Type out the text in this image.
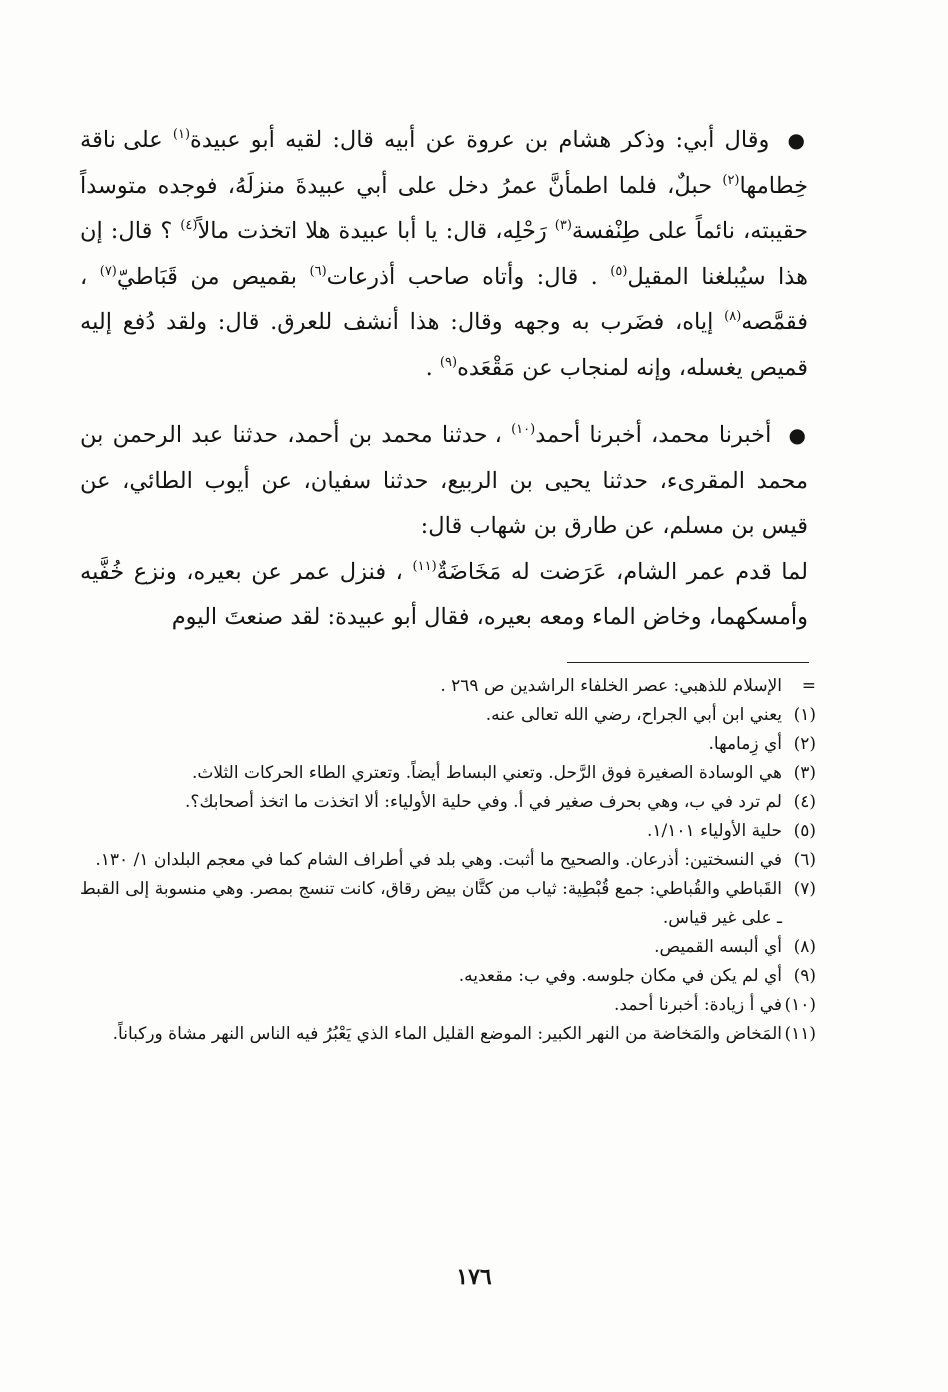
● وقال أبي: وذكر هشام بن عروة عن أبيه قال: لقيه أبو عبيدة$^{(١)}$ على ناقة خِطامها$^{(٢)}$ حبلٌ، فلما اطمأنَّ عمرُ دخل على أبي عبيدةَ منزلَهُ، فوجده متوسداً حقيبته، نائماً على طِنْفسة$^{(٣)}$ رَحْلِه، قال: يا أبا عبيدة هلا اتخذت مالاً$^{(٤)}$ ؟ قال: إن هذا سيُبلغنا المقيل$^{(٥)}$ . قال: وأتاه صاحب أذرعات$^{(٦)}$ بقميص من قَبَاطيّ$^{(٧)}$ ، فقمَّصه$^{(٨)}$ إياه، فضَرب به وجهه وقال: هذا أنشف للعرق. قال: ولقد دُفع إليه قميص يغسله، وإنه لمنجاب عن مَقْعَده$^{(٩)}$ .

● أخبرنا محمد، أخبرنا أحمد$^{(١٠)}$ ، حدثنا محمد بن أحمد، حدثنا عبد الرحمن بن محمد المقرىء، حدثنا يحيى بن الربيع، حدثنا سفيان، عن أيوب الطائي، عن قيس بن مسلم، عن طارق بن شهاب قال:

لما قدم عمر الشام، عَرَضت له مَخَاضَةٌ$^{(١١)}$ ، فنزل عمر عن بعيره، ونزع خُفَّيه وأمسكهما، وخاض الماء ومعه بعيره، فقال أبو عبيدة: لقد صنعتَ اليوم

=
الإسلام للذهبي: عصر الخلفاء الراشدين ص ٢٦٩ .
(١)
يعني ابن أبي الجراح، رضي الله تعالى عنه.
(٢)
أي زِمامها.
(٣)
هي الوسادة الصغيرة فوق الرَّحل. وتعني البساط أيضاً. وتعتري الطاء الحركات الثلاث.
(٤)
لم ترد في ب، وهي بحرف صغير في أ. وفي حلية الأولياء: ألا اتخذت ما اتخذ أصحابك؟.
(٥)
حلية الأولياء ١/١٠١.
(٦)
في النسختين: أذرعان. والصحيح ما أثبت. وهي بلد في أطراف الشام كما في معجم البلدان ١/ ١٣٠.
(٧)
القَباطي والقُباطي: جمع قُبْطِية: ثياب من كتَّان بيض رقاق، كانت تنسج بمصر. وهي منسوبة إلى القبط ـ على غير قياس.
(٨)
أي ألبسه القميص.
(٩)
أي لم يكن في مكان جلوسه. وفي ب: مقعديه.
(١٠)
في أ زيادة: أخبرنا أحمد.
(١١)
المَخاض والمَخاضة من النهر الكبير: الموضع القليل الماء الذي يَعْبُرُ فيه الناس النهر مشاة وركباناً.
١٧٦
